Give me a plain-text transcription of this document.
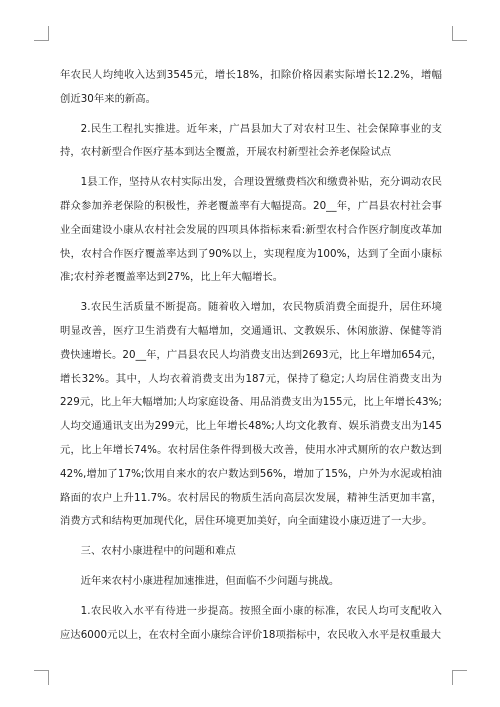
年农民人均纯收入达到3545元，增长18%，扣除价格因素实际增长12.2%，增幅创近30年来的新高。

2.民生工程扎实推进。近年来，广昌县加大了对农村卫生、社会保障事业的支持，农村新型合作医疗基本到达全覆盖，开展农村新型社会养老保险试点

1县工作，坚持从农村实际出发，合理设置缴费档次和缴费补贴，充分调动农民群众参加养老保险的积极性，养老覆盖率有大幅提高。20__年，广昌县农村社会事业全面建设小康从农村社会发展的四项具体指标来看:新型农村合作医疗制度改革加快，农村合作医疗覆盖率达到了90%以上，实现程度为100%，达到了全面小康标准;农村养老覆盖率达到27%，比上年大幅增长。

3.农民生活质量不断提高。随着收入增加，农民物质消费全面提升，居住环境明显改善，医疗卫生消费有大幅增加，交通通讯、文教娱乐、休闲旅游、保健等消费快速增长。20__年，广昌县农民人均消费支出达到2693元，比上年增加654元，增长32%。其中，人均衣着消费支出为187元，保持了稳定;人均居住消费支出为229元，比上年大幅增加;人均家庭设备、用品消费支出为155元，比上年增长43%;人均交通通讯支出为299元，比上年增长48%;人均文化教育、娱乐消费支出为145元，比上年增长74%。农村居住条件得到极大改善，使用水冲式厕所的农户数达到42%,增加了17%;饮用自来水的农户数达到56%，增加了15%，户外为水泥或柏油路面的农户上升11.7%。农村居民的物质生活向高层次发展，精神生活更加丰富，消费方式和结构更加现代化，居住环境更加美好，向全面建设小康迈进了一大步。

三、农村小康进程中的问题和难点

近年来农村小康进程加速推进，但面临不少问题与挑战。

1.农民收入水平有待进一步提高。按照全面小康的标准，农民人均可支配收入应达6000元以上，在农村全面小康综合评价18项指标中，农民收入水平是权重最大
